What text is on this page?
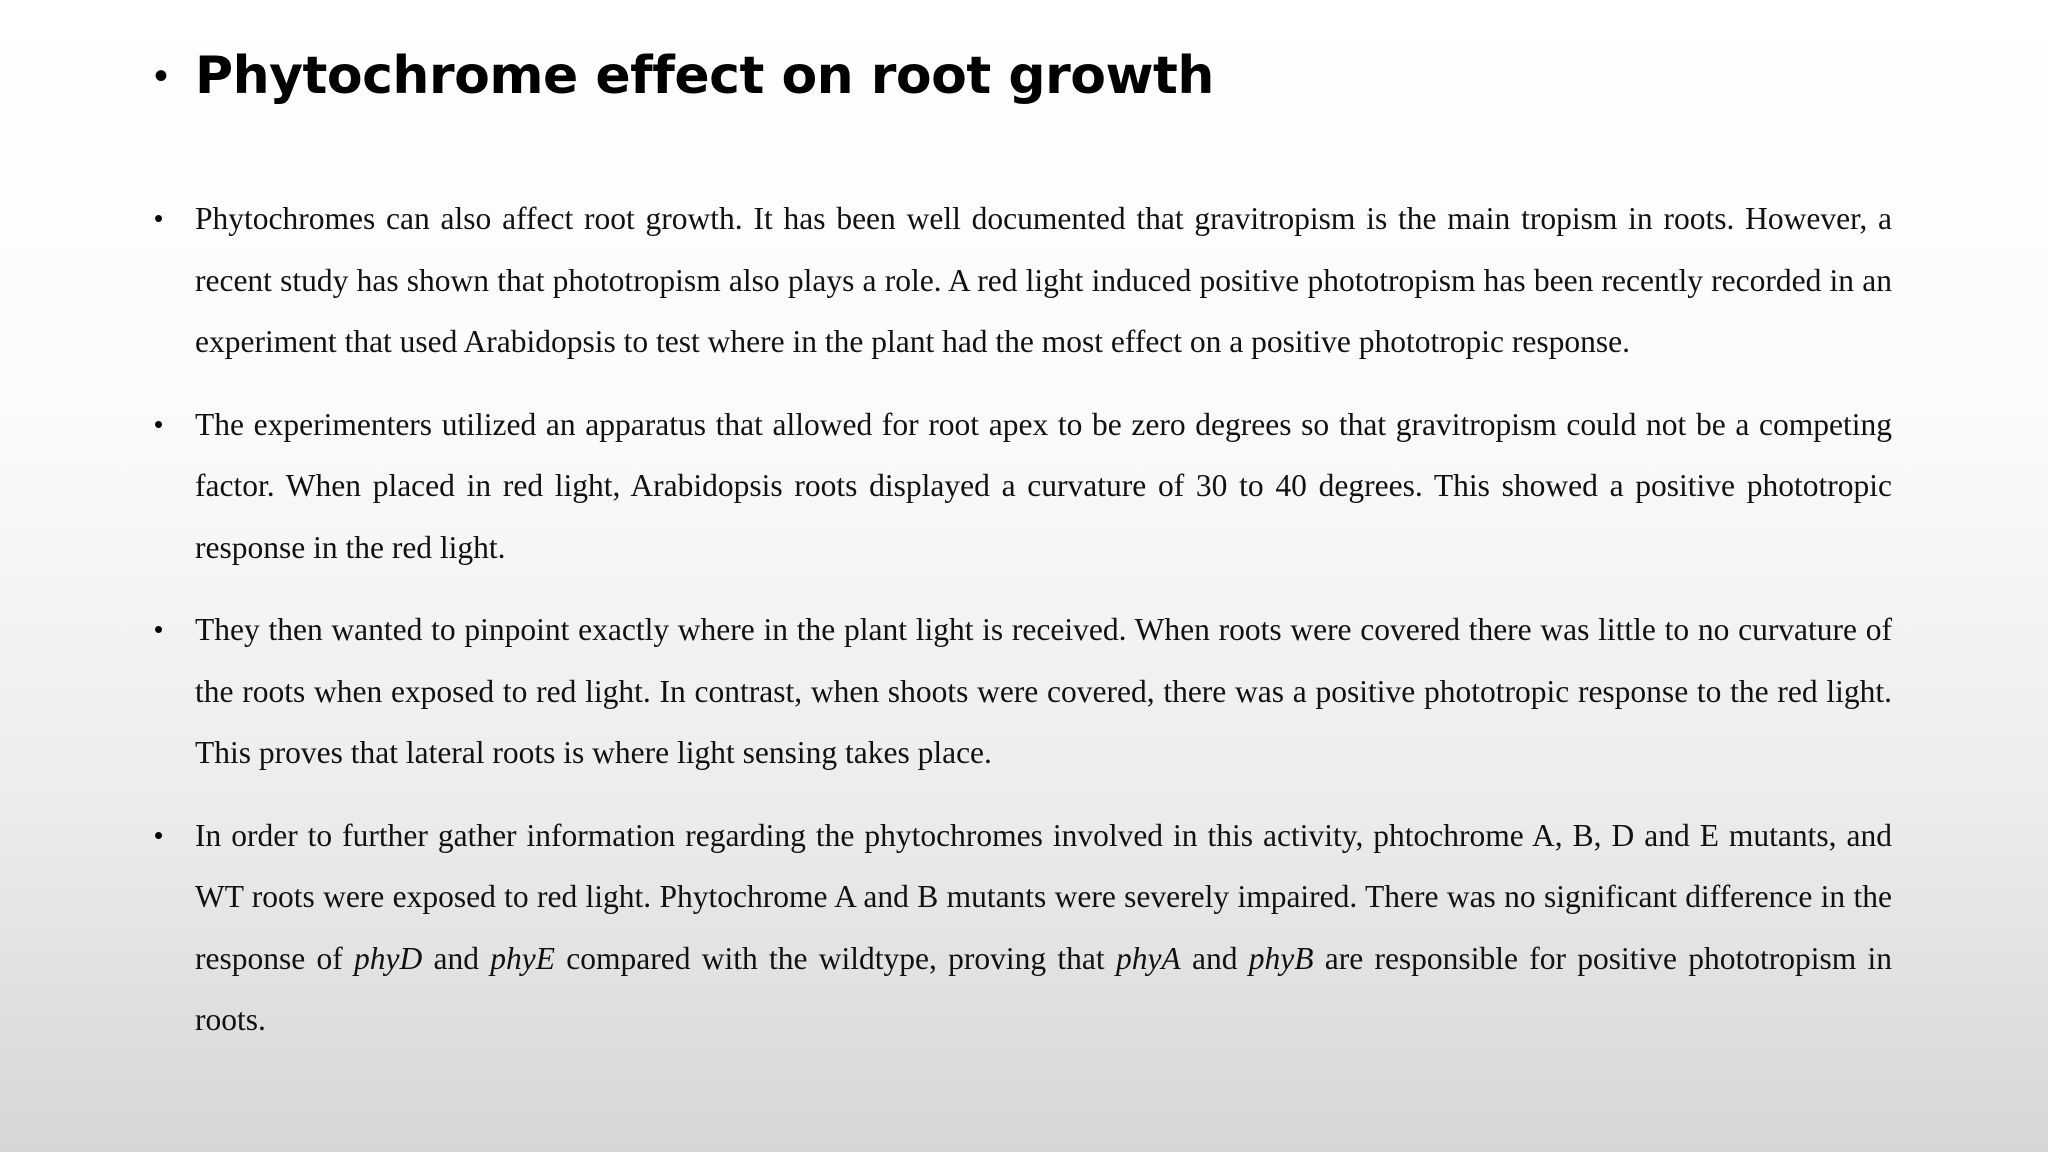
• Phytochrome effect on root growth
•	Phytochromes can also affect root growth. It has been well documented that gravitropism is the main tropism in roots. However, a recent study has shown that phototropism also plays a role. A red light induced positive phototropism has been recently recorded in an experiment that used Arabidopsis to test where in the plant had the most effect on a positive phototropic response.
•	The experimenters utilized an apparatus that allowed for root apex to be zero degrees so that gravitropism could not be a competing factor. When placed in red light, Arabidopsis roots displayed a curvature of 30 to 40 degrees. This showed a positive phototropic response in the red light.
•	They then wanted to pinpoint exactly where in the plant light is received. When roots were covered there was little to no curvature of the roots when exposed to red light. In contrast, when shoots were covered, there was a positive phototropic response to the red light. This proves that lateral roots is where light sensing takes place.
•	In order to further gather information regarding the phytochromes involved in this activity, phtochrome A, B, D and E mutants, and WT roots were exposed to red light. Phytochrome A and B mutants were severely impaired. There was no significant difference in the response of phyD and phyE compared with the wildtype, proving that phyA and phyB are responsible for positive phototropism in roots.
